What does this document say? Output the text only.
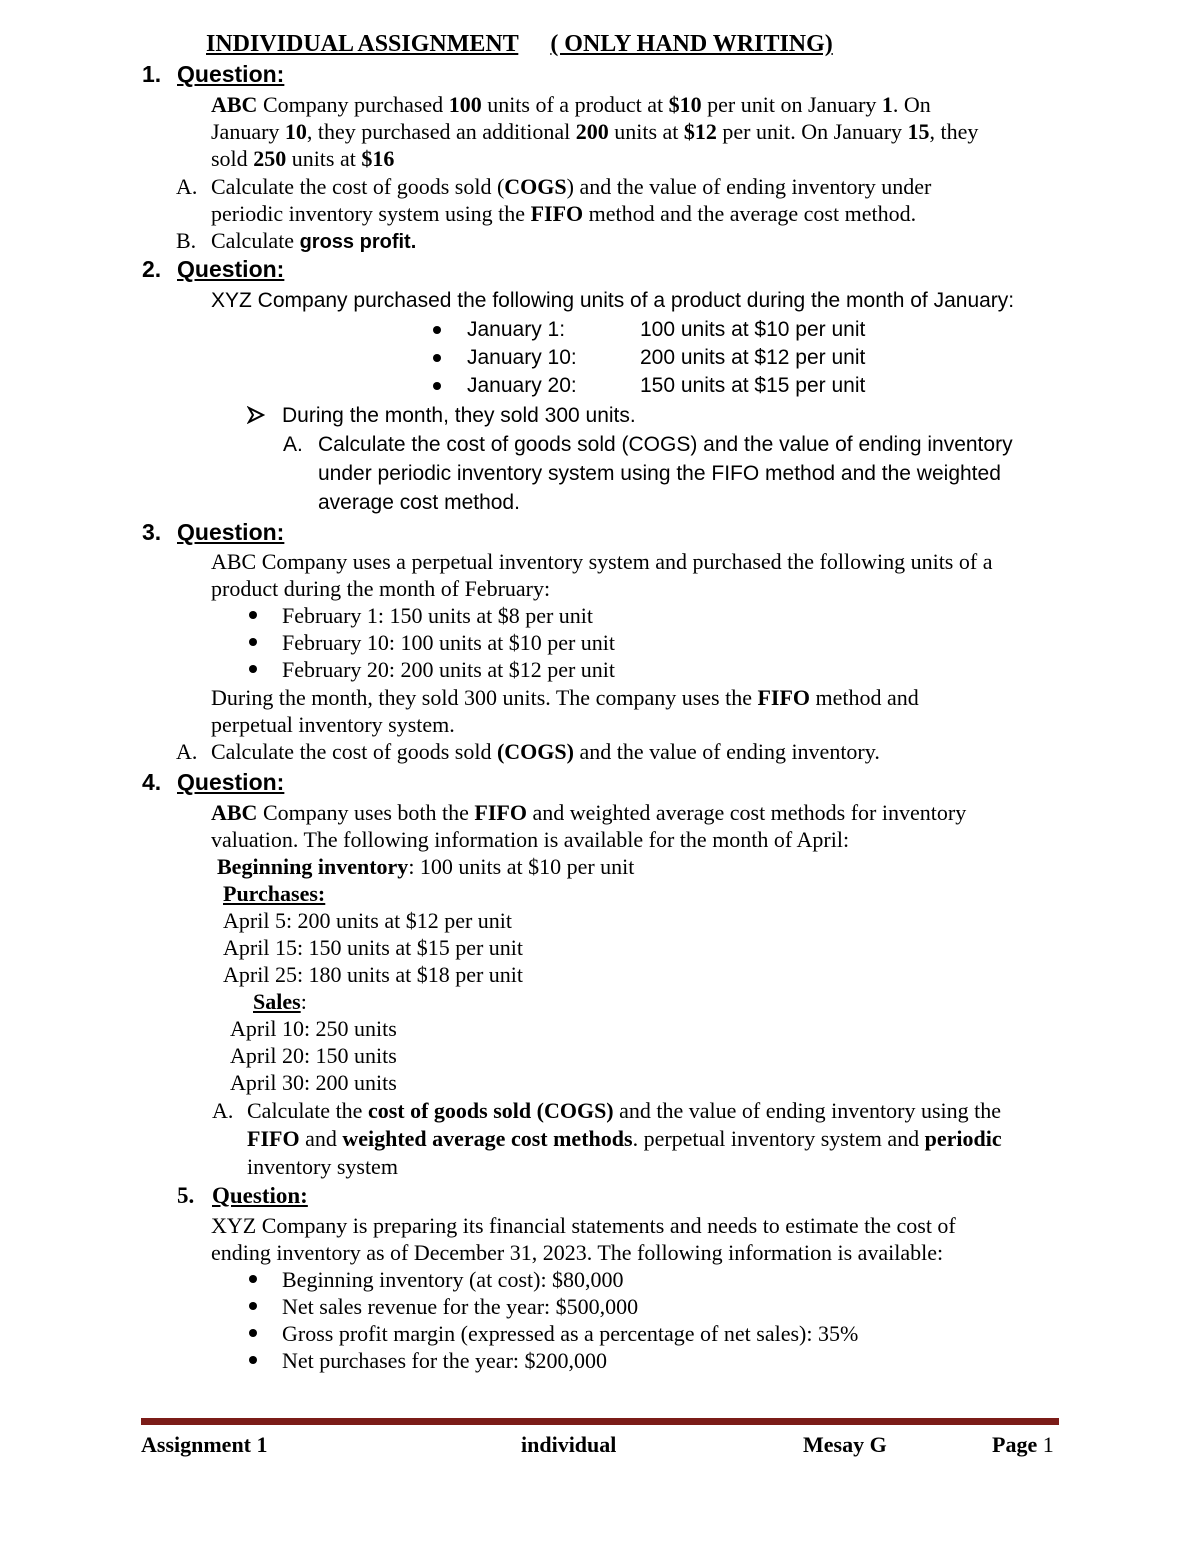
INDIVIDUAL ASSIGNMENT ( ONLY HAND WRITING)
1. Question:
ABC Company purchased 100 units of a product at $10 per unit on January 1. On
January 10, they purchased an additional 200 units at $12 per unit. On January 15, they
sold 250 units at $16
A. Calculate the cost of goods sold (COGS) and the value of ending inventory under
periodic inventory system using the FIFO method and the average cost method.
B. Calculate gross profit.
2. Question:
XYZ Company purchased the following units of a product during the month of January:
January 1:	100 units at $10 per unit
January 10:	200 units at $12 per unit
January 20:	150 units at $15 per unit
During the month, they sold 300 units.
A. Calculate the cost of goods sold (COGS) and the value of ending inventory
under periodic inventory system using the FIFO method and the weighted
average cost method.
3. Question:
ABC Company uses a perpetual inventory system and purchased the following units of a
product during the month of February:
February 1: 150 units at $8 per unit
February 10: 100 units at $10 per unit
February 20: 200 units at $12 per unit
During the month, they sold 300 units. The company uses the FIFO method and
perpetual inventory system.
A. Calculate the cost of goods sold (COGS) and the value of ending inventory.
4. Question:
ABC Company uses both the FIFO and weighted average cost methods for inventory
valuation. The following information is available for the month of April:
Beginning inventory: 100 units at $10 per unit
Purchases:
April 5: 200 units at $12 per unit
April 15: 150 units at $15 per unit
April 25: 180 units at $18 per unit
Sales:
April 10: 250 units
April 20: 150 units
April 30: 200 units
A. Calculate the cost of goods sold (COGS) and the value of ending inventory using the
FIFO and weighted average cost methods. perpetual inventory system and periodic
inventory system
5. Question:
XYZ Company is preparing its financial statements and needs to estimate the cost of
ending inventory as of December 31, 2023. The following information is available:
Beginning inventory (at cost): $80,000
Net sales revenue for the year: $500,000
Gross profit margin (expressed as a percentage of net sales): 35%
Net purchases for the year: $200,000
Assignment 1	individual	Mesay G	Page 1
